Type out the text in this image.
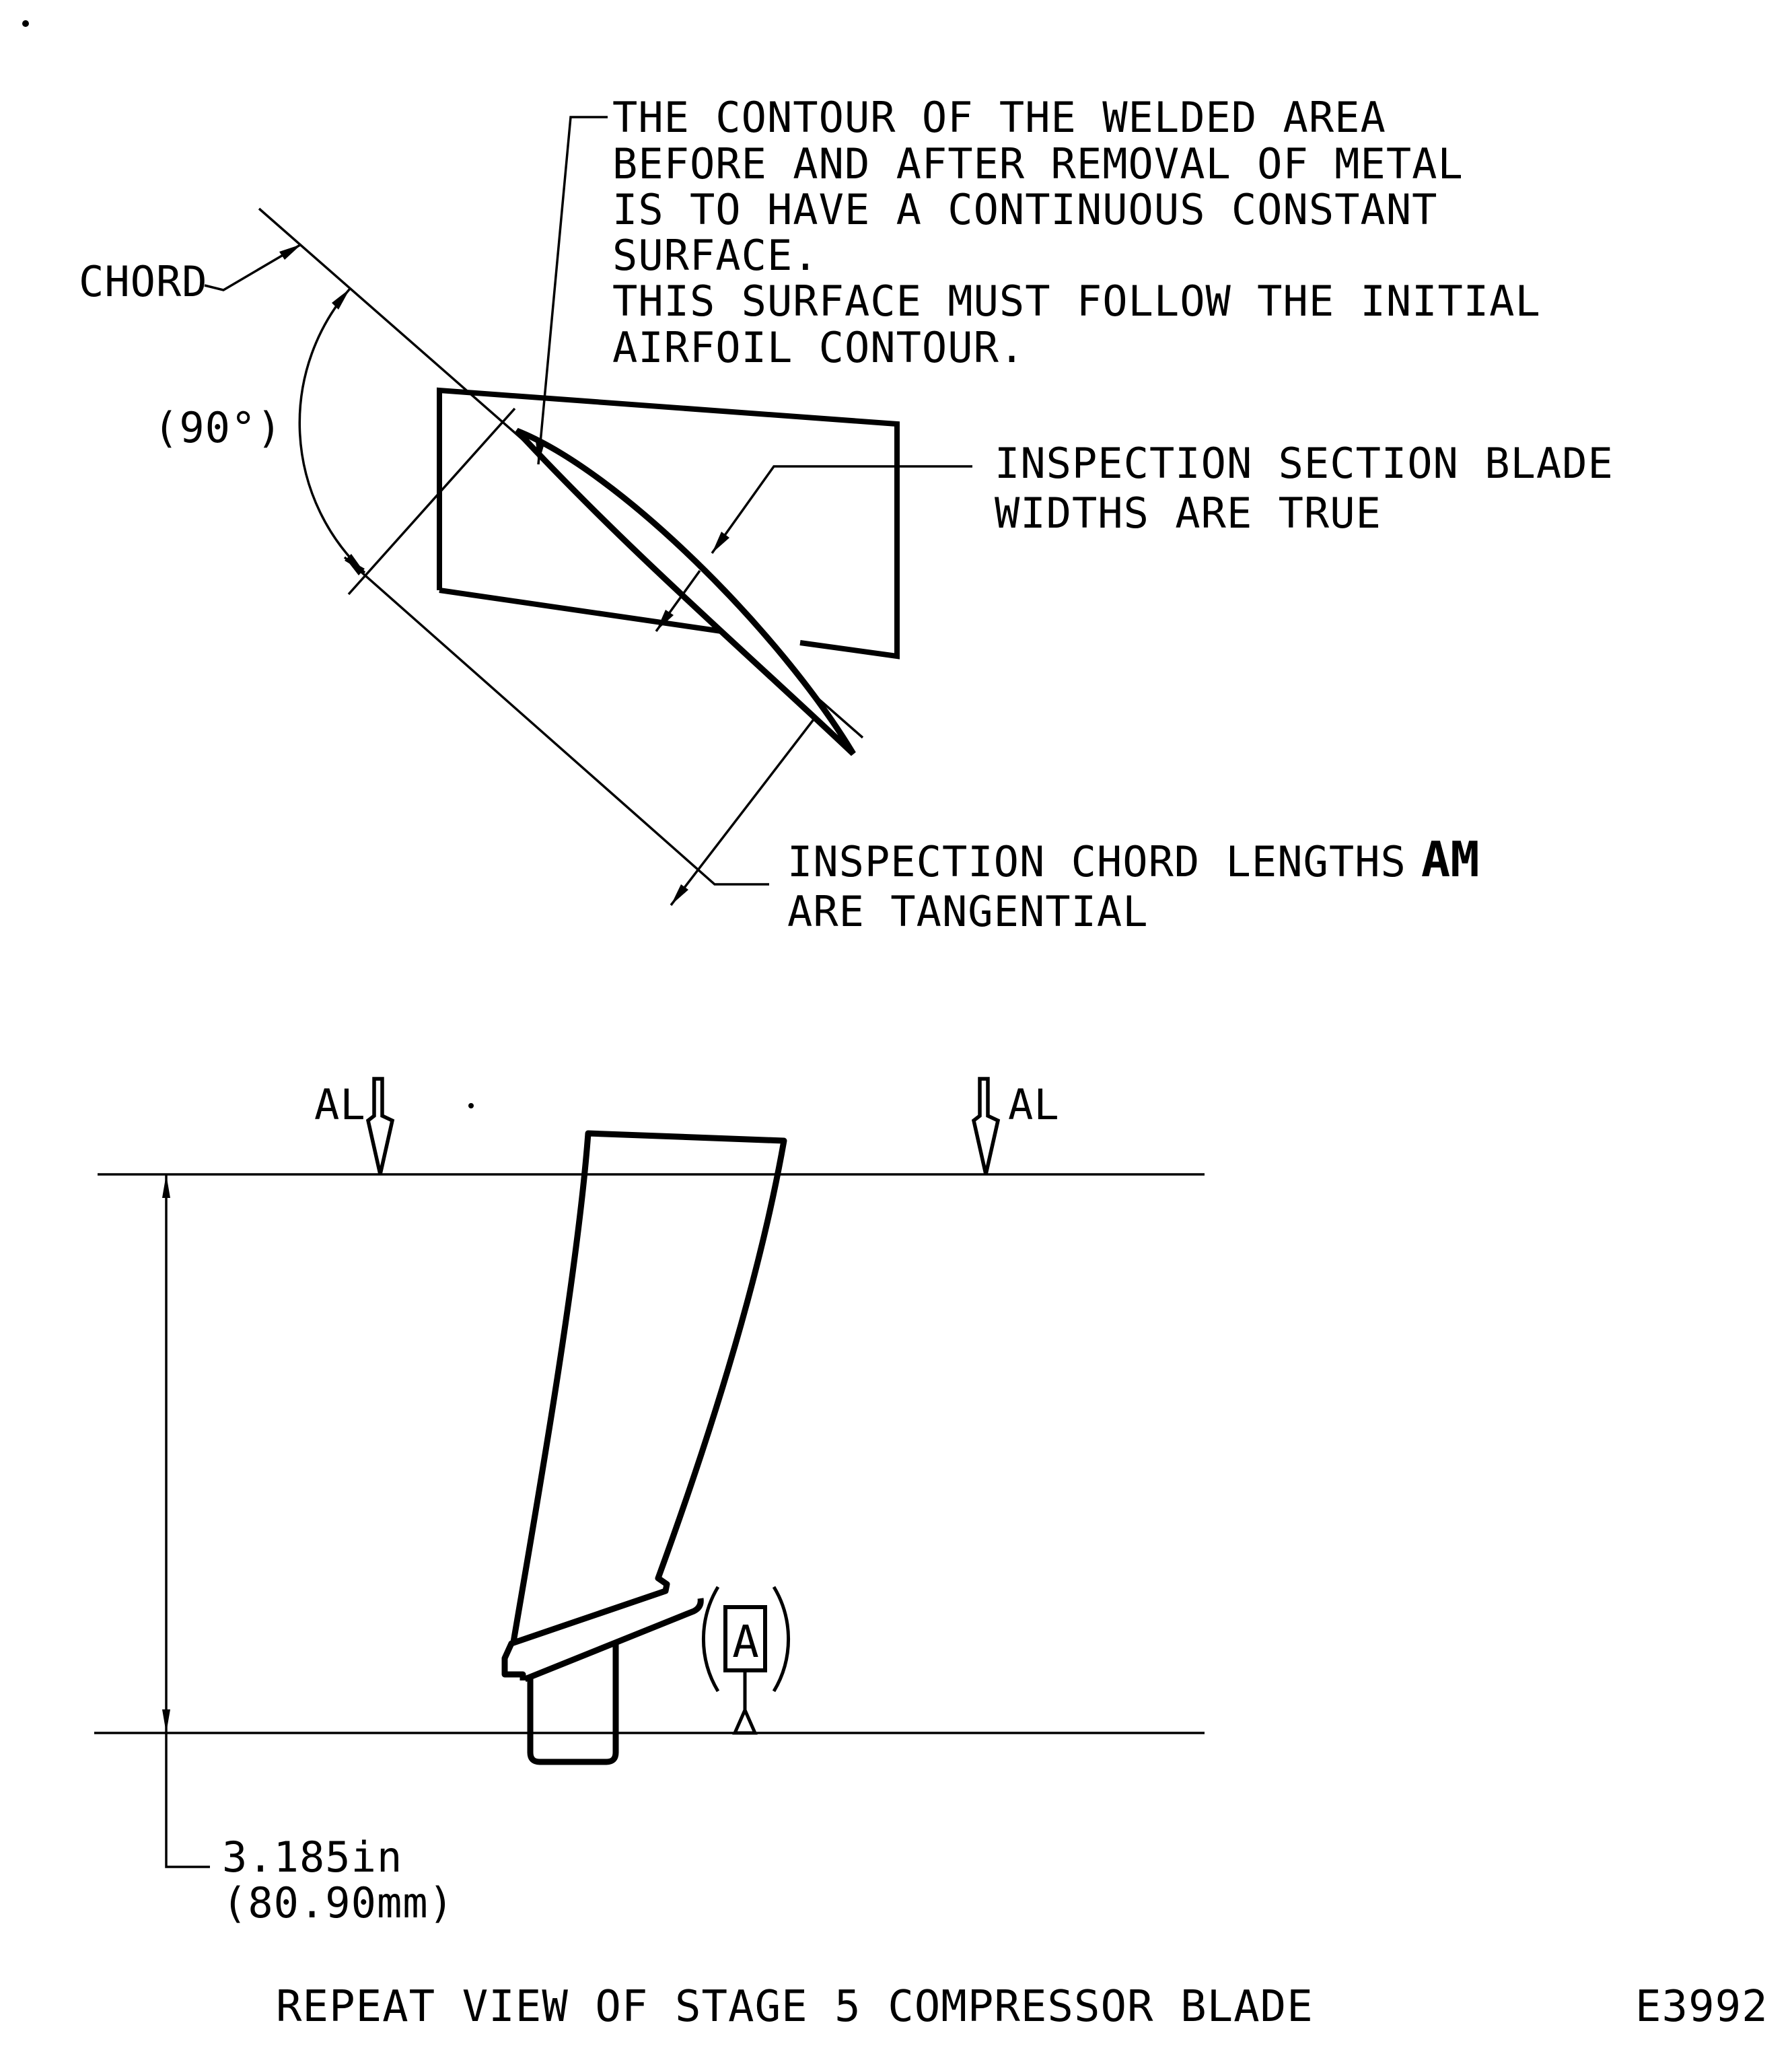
THE CONTOUR OF THE WELDED AREA
BEFORE AND AFTER REMOVAL OF METAL
IS TO HAVE A CONTINUOUS CONSTANT
SURFACE.
THIS SURFACE MUST FOLLOW THE INITIAL
AIRFOIL CONTOUR.
CHORD
(90°)
INSPECTION SECTION BLADE
WIDTHS ARE TRUE
INSPECTION CHORD LENGTHS AM
ARE TANGENTIAL
AL	AL
3.185in
(80.90mm)
A
REPEAT VIEW OF STAGE 5 COMPRESSOR BLADE	E3992
